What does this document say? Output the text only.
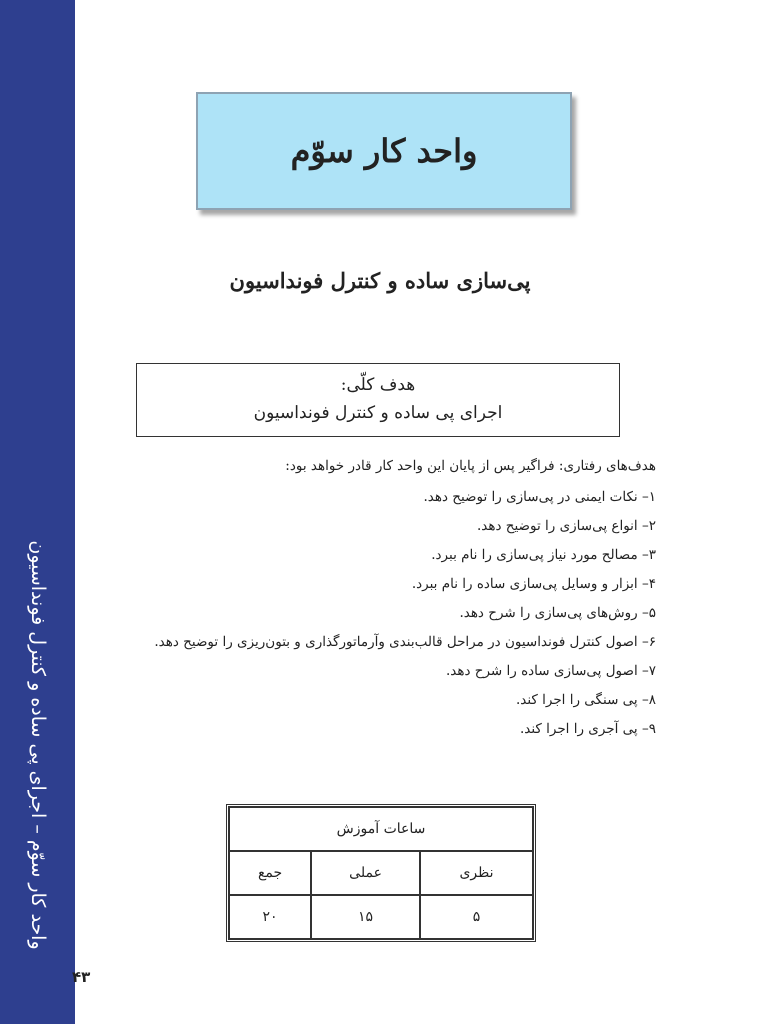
واحد کار سوّم – اجرای پی ساده و کنترل فونداسیون
۴۳
واحد کار سوّم
پی‌سازی ساده و کنترل فونداسیون
هدف کلّی:
اجرای پی ساده و کنترل فونداسیون
هدف‌های رفتاری: فراگیر پس از پایان این واحد کار قادر خواهد بود:
۱– نکات ایمنی در پی‌سازی را توضیح دهد.
۲– انواع پی‌سازی را توضیح دهد.
۳– مصالح مورد نیاز پی‌سازی را نام ببرد.
۴– ابزار و وسایل پی‌سازی ساده را نام ببرد.
۵– روش‌های پی‌سازی را شرح دهد.
۶– اصول کنترل فونداسیون در مراحل قالب‌بندی وآرماتورگذاری و بتون‌ریزی را توضیح دهد.
۷– اصول پی‌سازی ساده را شرح دهد.
۸– پی سنگی را اجرا کند.
۹– پی آجری را اجرا کند.
ساعات آموزش		
نظری	عملی	جمع
۵	۱۵	۲۰
